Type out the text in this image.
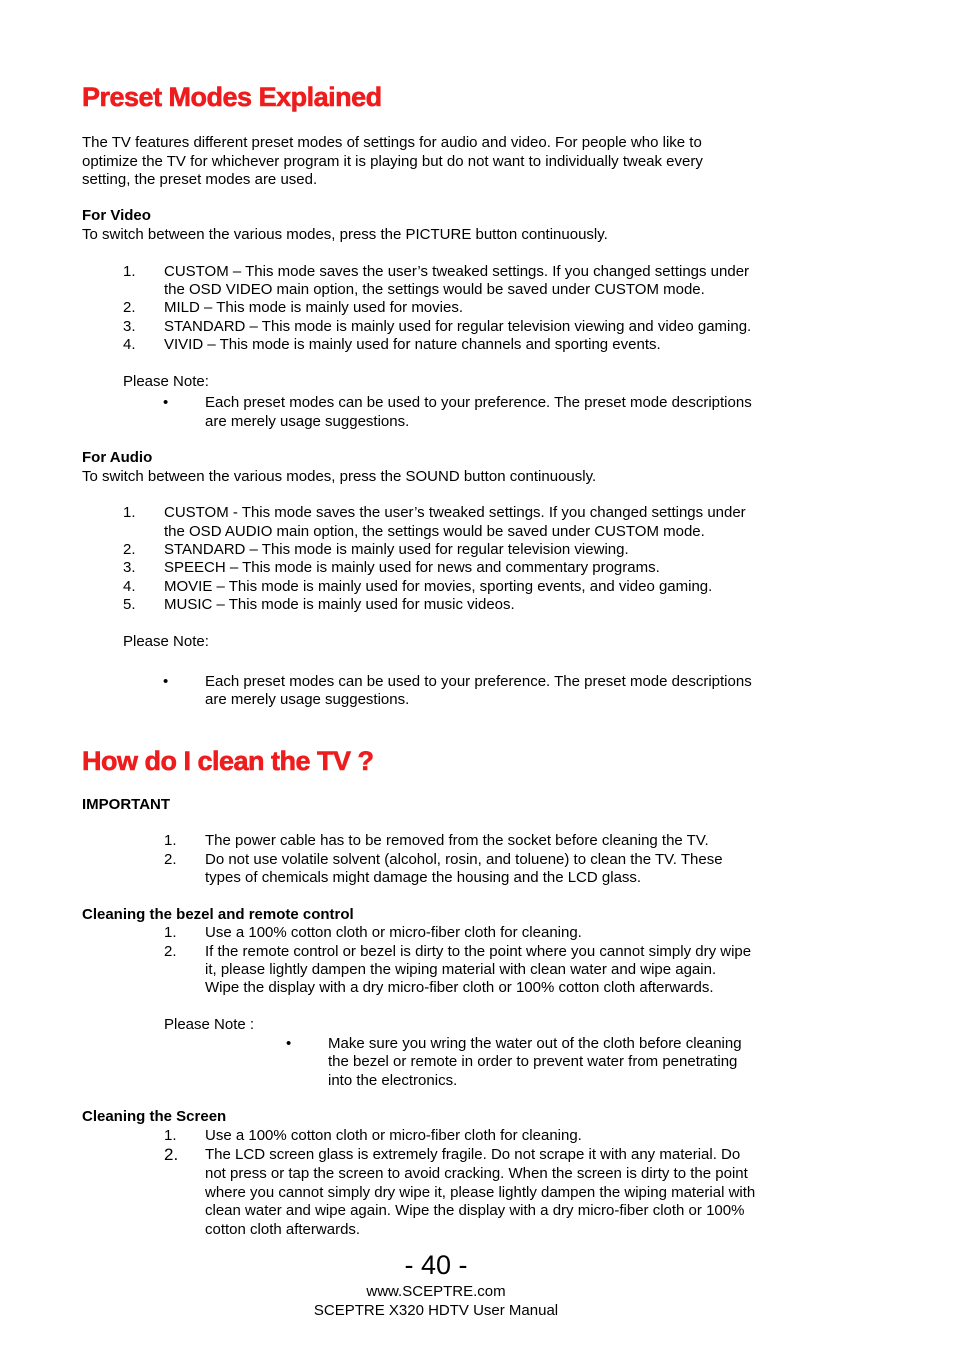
Preset Modes Explained
The TV features different preset modes of settings for audio and video. For people who like to
optimize the TV for whichever program it is playing but do not want to individually tweak every
setting, the preset modes are used.
For Video
To switch between the various modes, press the PICTURE button continuously.
1. CUSTOM – This mode saves the user’s tweaked settings. If you changed settings under
the OSD VIDEO main option, the settings would be saved under CUSTOM mode.
2. MILD – This mode is mainly used for movies.
3. STANDARD – This mode is mainly used for regular television viewing and video gaming.
4. VIVID – This mode is mainly used for nature channels and sporting events.
Please Note:
• Each preset modes can be used to your preference. The preset mode descriptions
are merely usage suggestions.
For Audio
To switch between the various modes, press the SOUND button continuously.
1. CUSTOM - This mode saves the user’s tweaked settings. If you changed settings under
the OSD AUDIO main option, the settings would be saved under CUSTOM mode.
2. STANDARD – This mode is mainly used for regular television viewing.
3. SPEECH – This mode is mainly used for news and commentary programs.
4. MOVIE – This mode is mainly used for movies, sporting events, and video gaming.
5. MUSIC – This mode is mainly used for music videos.
Please Note:
• Each preset modes can be used to your preference. The preset mode descriptions
are merely usage suggestions.
How do I clean the TV ?
IMPORTANT
1. The power cable has to be removed from the socket before cleaning the TV.
2. Do not use volatile solvent (alcohol, rosin, and toluene) to clean the TV. These
types of chemicals might damage the housing and the LCD glass.
Cleaning the bezel and remote control
1. Use a 100% cotton cloth or micro-fiber cloth for cleaning.
2. If the remote control or bezel is dirty to the point where you cannot simply dry wipe
it, please lightly dampen the wiping material with clean water and wipe again.
Wipe the display with a dry micro-fiber cloth or 100% cotton cloth afterwards.
Please Note :
• Make sure you wring the water out of the cloth before cleaning
the bezel or remote in order to prevent water from penetrating
into the electronics.
Cleaning the Screen
1. Use a 100% cotton cloth or micro-fiber cloth for cleaning.
2. The LCD screen glass is extremely fragile. Do not scrape it with any material. Do
not press or tap the screen to avoid cracking. When the screen is dirty to the point
where you cannot simply dry wipe it, please lightly dampen the wiping material with
clean water and wipe again. Wipe the display with a dry micro-fiber cloth or 100%
cotton cloth afterwards.
- 40 -
www.SCEPTRE.com
SCEPTRE X320 HDTV User Manual
